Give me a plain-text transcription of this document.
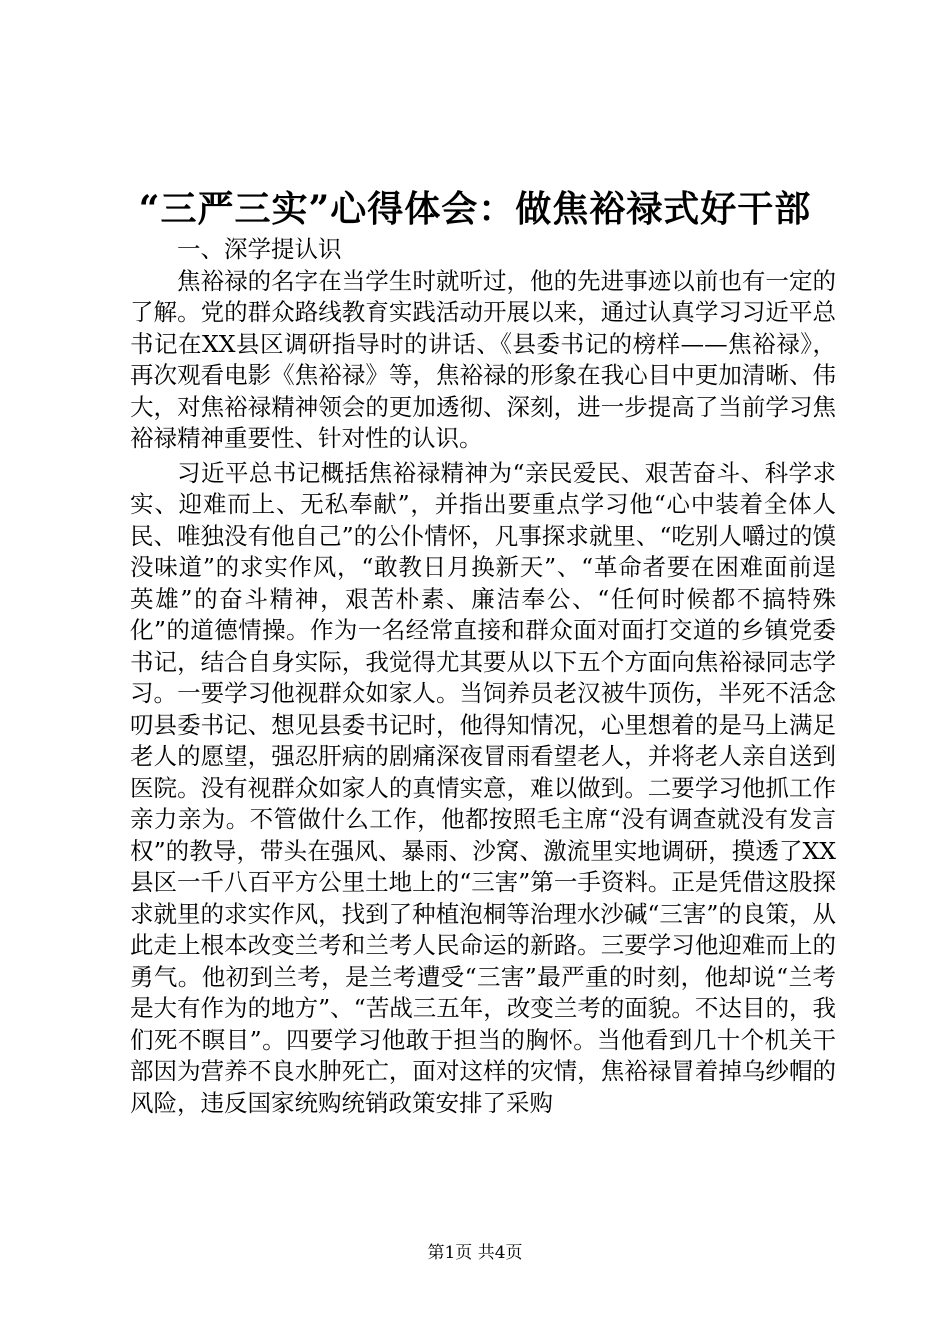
“三严三实”心得体会：做焦裕禄式好干部

一、深学提认识

焦裕禄的名字在当学生时就听过，他的先进事迹以前也有一定的了解。党的群众路线教育实践活动开展以来，通过认真学习习近平总书记在XX县区调研指导时的讲话、《县委书记的榜样——焦裕禄》，再次观看电影《焦裕禄》等，焦裕禄的形象在我心目中更加清晰、伟大，对焦裕禄精神领会的更加透彻、深刻，进一步提高了当前学习焦裕禄精神重要性、针对性的认识。

习近平总书记概括焦裕禄精神为“亲民爱民、艰苦奋斗、科学求实、迎难而上、无私奉献”，并指出要重点学习他“心中装着全体人民、唯独没有他自己”的公仆情怀，凡事探求就里、“吃别人嚼过的馍没味道”的求实作风，“敢教日月换新天”、“革命者要在困难面前逞英雄”的奋斗精神，艰苦朴素、廉洁奉公、“任何时候都不搞特殊化”的道德情操。作为一名经常直接和群众面对面打交道的乡镇党委书记，结合自身实际，我觉得尤其要从以下五个方面向焦裕禄同志学习。一要学习他视群众如家人。当饲养员老汉被牛顶伤，半死不活念叨县委书记、想见县委书记时，他得知情况，心里想着的是马上满足老人的愿望，强忍肝病的剧痛深夜冒雨看望老人，并将老人亲自送到医院。没有视群众如家人的真情实意，难以做到。二要学习他抓工作亲力亲为。不管做什么工作，他都按照毛主席“没有调查就没有发言权”的教导，带头在强风、暴雨、沙窝、激流里实地调研，摸透了XX县区一千八百平方公里土地上的“三害”第一手资料。正是凭借这股探求就里的求实作风，找到了种植泡桐等治理水沙碱“三害”的良策，从此走上根本改变兰考和兰考人民命运的新路。三要学习他迎难而上的勇气。他初到兰考，是兰考遭受“三害”最严重的时刻，他却说“兰考是大有作为的地方”、“苦战三五年，改变兰考的面貌。不达目的，我们死不瞑目”。四要学习他敢于担当的胸怀。当他看到几十个机关干部因为营养不良水肿死亡，面对这样的灾情，焦裕禄冒着掉乌纱帽的风险，违反国家统购统销政策安排了采购

第1页 共4页
